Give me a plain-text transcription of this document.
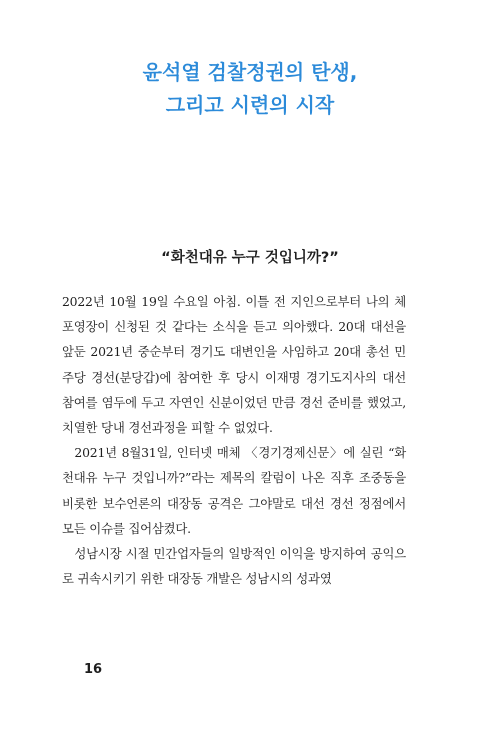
윤석열 검찰정권의 탄생,
그리고 시련의 시작
“화천대유 누구 것입니까?”

2022년 10월 19일 수요일 아침. 이틀 전 지인으로부터 나의 체포영장이 신청된 것 같다는 소식을 듣고 의아했다. 20대 대선을 앞둔 2021년 중순부터 경기도 대변인을 사임하고 20대 총선 민주당 경선(분당갑)에 참여한 후 당시 이재명 경기도지사의 대선 참여를 염두에 두고 자연인 신분이었던 만큼 경선 준비를 했었고, 치열한 당내 경선과정을 피할 수 없었다.

2021년 8월31일, 인터넷 매체 〈경기경제신문〉에 실린 “화천대유 누구 것입니까?”라는 제목의 칼럼이 나온 직후 조중동을 비롯한 보수언론의 대장동 공격은 그야말로 대선 경선 정점에서 모든 이슈를 집어삼켰다.

성남시장 시절 민간업자들의 일방적인 이익을 방지하여 공익으로 귀속시키기 위한 대장동 개발은 성남시의 성과였

16
